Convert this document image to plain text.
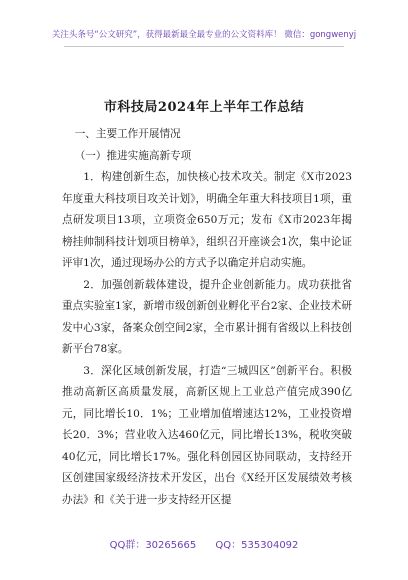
关注头条号“公文研究”，获得最新最全最专业的公文资料库！ 微信：gongwenyj
市科技局2024年上半年工作总结

一、主要工作开展情况

（一）推进实施高新专项

1．构建创新生态，加快核心技术攻关。制定《X市2023年度重大科技项目攻关计划》，明确全年重大科技项目1项，重点研发项目13项，立项资金650万元；发布《X市2023年揭榜挂帅制科技计划项目榜单》，组织召开座谈会1次，集中论证评审1次，通过现场办公的方式予以确定并启动实施。

2．加强创新载体建设，提升企业创新能力。成功获批省重点实验室1家，新增市级创新创业孵化平台2家、企业技术研发中心3家，备案众创空间2家，全市累计拥有省级以上科技创新平台78家。

3．深化区域创新发展，打造“三城四区”创新平台。积极推动高新区高质量发展，高新区规上工业总产值完成390亿元，同比增长10．1%；工业增加值增速达12%，工业投资增长20．3%；营业收入达460亿元，同比增长13%，税收突破40亿元，同比增长17%。强化科创园区协同联动，支持经开区创建国家级经济技术开发区，出台《X经开区发展绩效考核办法》和《关于进一步支持经开区提

QQ群：30265665 QQ：535304092
